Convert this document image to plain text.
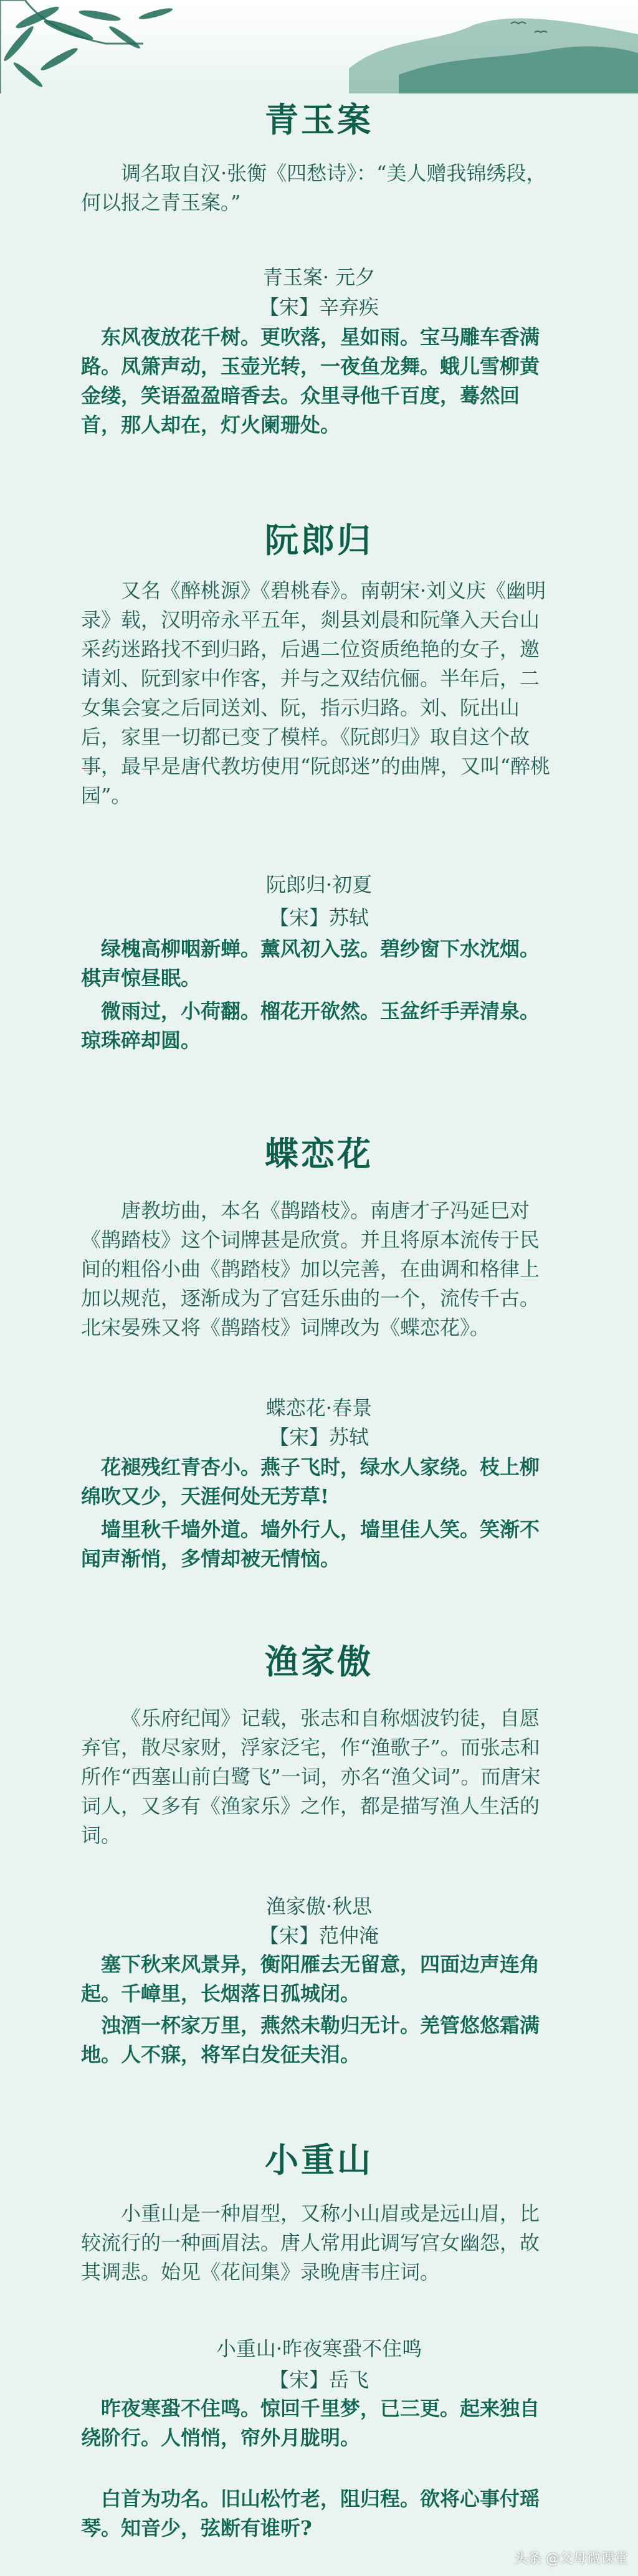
青玉案
调名取自汉·张衡《四愁诗》：“美人赠我锦绣段，何以报之青玉案。”
青玉案· 元夕
【宋】辛弃疾
东风夜放花千树。更吹落，星如雨。宝马雕车香满路。凤箫声动，玉壶光转，一夜鱼龙舞。蛾儿雪柳黄金缕，笑语盈盈暗香去。众里寻他千百度，蓦然回首，那人却在，灯火阑珊处。
阮郎归
又名《醉桃源》《碧桃春》。南朝宋·刘义庆《幽明录》载，汉明帝永平五年，剡县刘晨和阮肇入天台山采药迷路找不到归路，后遇二位资质绝艳的女子，邀请刘、阮到家中作客，并与之双结伉俪。半年后，二女集会宴之后同送刘、阮，指示归路。刘、阮出山后，家里一切都已变了模样。《阮郎归》取自这个故事，最早是唐代教坊使用“阮郎迷”的曲牌，又叫“醉桃园”。
阮郎归·初夏
【宋】苏轼
绿槐高柳咽新蝉。薰风初入弦。碧纱窗下水沈烟。棋声惊昼眠。
微雨过，小荷翻。榴花开欲然。玉盆纤手弄清泉。琼珠碎却圆。
蝶恋花
唐教坊曲，本名《鹊踏枝》。南唐才子冯延巳对《鹊踏枝》这个词牌甚是欣赏。并且将原本流传于民间的粗俗小曲《鹊踏枝》加以完善，在曲调和格律上加以规范，逐渐成为了宫廷乐曲的一个，流传千古。北宋晏殊又将《鹊踏枝》词牌改为《蝶恋花》。
蝶恋花·春景
【宋】苏轼
花褪残红青杏小。燕子飞时，绿水人家绕。枝上柳绵吹又少，天涯何处无芳草!
墙里秋千墙外道。墙外行人，墙里佳人笑。笑渐不闻声渐悄，多情却被无情恼。
渔家傲
《乐府纪闻》记载，张志和自称烟波钓徒，自愿弃官，散尽家财，浮家泛宅，作“渔歌子”。而张志和所作“西塞山前白鹭飞”一词，亦名“渔父词”。而唐宋词人，又多有《渔家乐》之作，都是描写渔人生活的词。
渔家傲·秋思
【宋】范仲淹
塞下秋来风景异，衡阳雁去无留意，四面边声连角起。千嶂里，长烟落日孤城闭。
浊酒一杯家万里，燕然未勒归无计。羌管悠悠霜满地。人不寐，将军白发征夫泪。
小重山
小重山是一种眉型，又称小山眉或是远山眉，比较流行的一种画眉法。唐人常用此调写宫女幽怨，故其调悲。始见《花间集》录晚唐韦庄词。
小重山·昨夜寒蛩不住鸣
【宋】岳飞
昨夜寒蛩不住鸣。惊回千里梦，已三更。起来独自绕阶行。人悄悄，帘外月胧明。
白首为功名。旧山松竹老，阻归程。欲将心事付瑶琴。知音少，弦断有谁听?
头条 @父母微课堂
